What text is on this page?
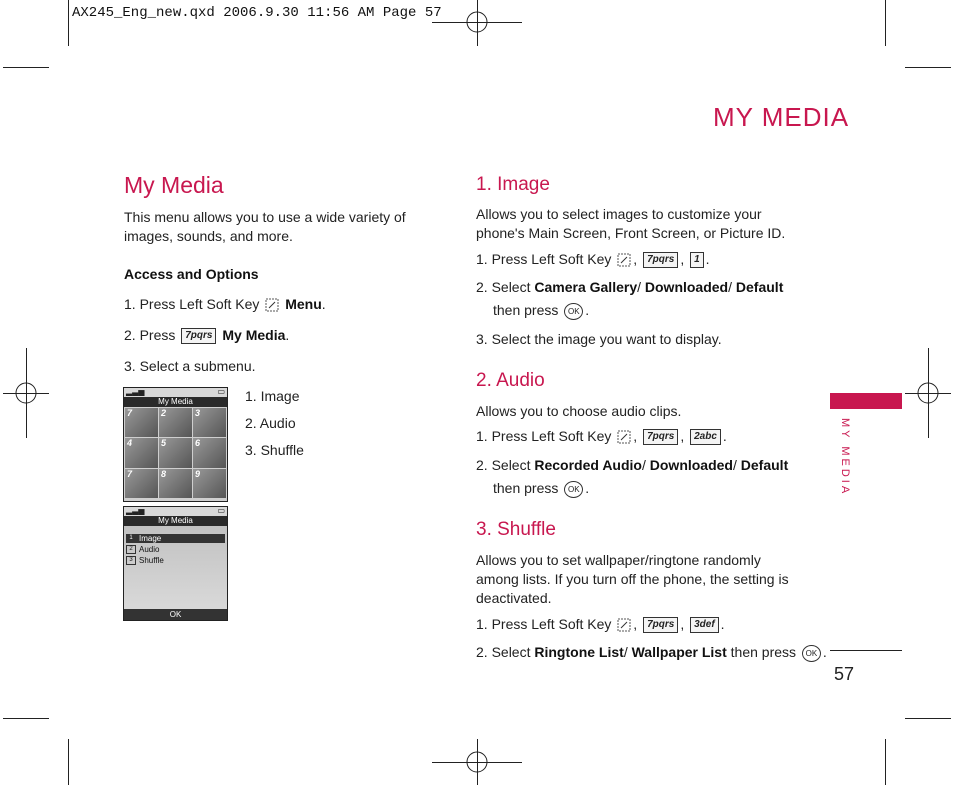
AX245_Eng_new.qxd 2006.9.30 11:56 AM Page 57
MY MEDIA
MY MEDIA
57
My Media
This menu allows you to use a wide variety of images, sounds, and more.
Access and Options
1. Press Left Soft Key Menu.
2. Press 7pqrs My Media.
3. Select a submenu.
▂▃▅	▭
My Media
7	2	3
4	5	6
7	8	9
1. Image
2. Audio
3. Shuffle
▂▃▅	▭
My Media
1 Image
2 Audio
3 Shuffle
OK
1. Image
Allows you to select images to customize your phone's Main Screen, Front Screen, or Picture ID.
1. Press Left Soft Key , 7pqrs , 1 .
2. Select Camera Gallery/ Downloaded/ Default
then press OK .
3. Select the image you want to display.
2. Audio
Allows you to choose audio clips.
1. Press Left Soft Key , 7pqrs , 2abc .
2. Select Recorded Audio/ Downloaded/ Default
then press OK .
3. Shuffle
Allows you to set wallpaper/ringtone randomly among lists. If you turn off the phone, the setting is deactivated.
1. Press Left Soft Key , 7pqrs , 3def .
2. Select Ringtone List/ Wallpaper List then press OK .
